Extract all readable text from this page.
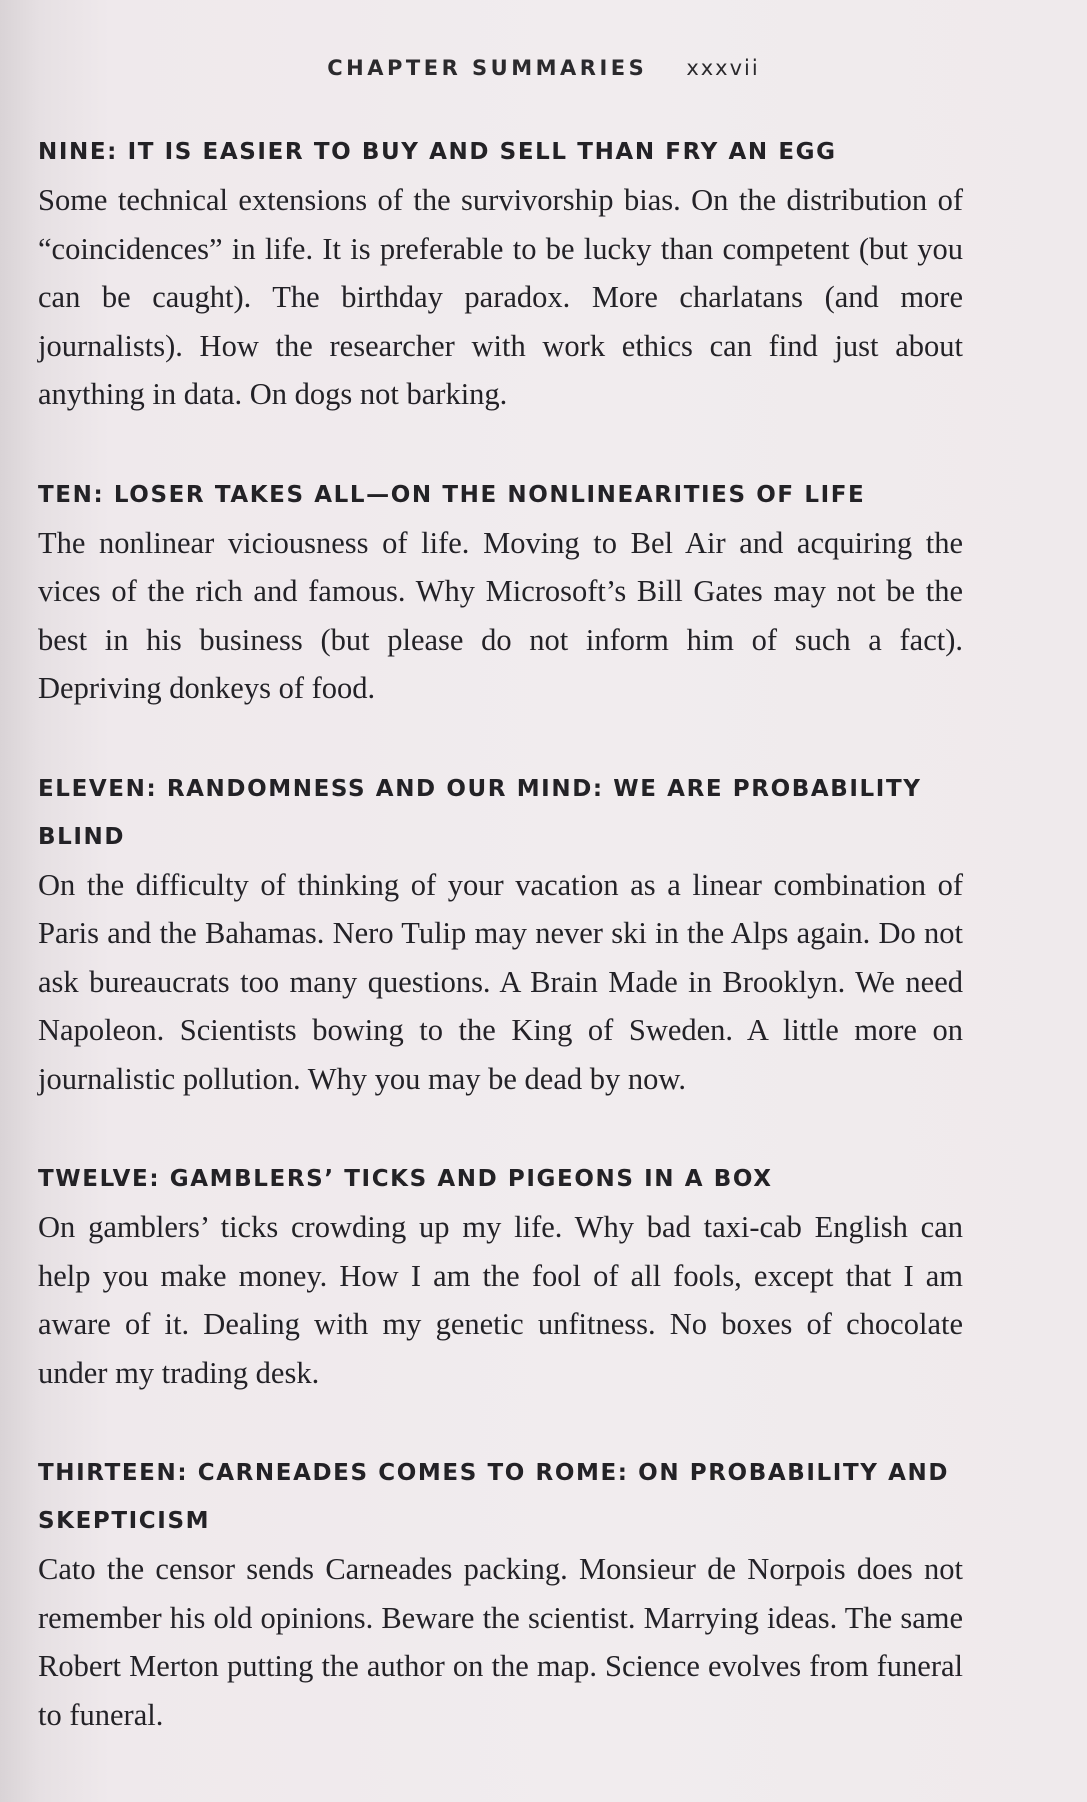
CHAPTER SUMMARIES xxxvii

NINE: IT IS EASIER TO BUY AND SELL THAN FRY AN EGG

Some technical extensions of the survivorship bias. On the distribution of “coincidences” in life. It is preferable to be lucky than competent (but you can be caught). The birthday paradox. More charlatans (and more journalists). How the researcher with work ethics can find just about anything in data. On dogs not barking.

TEN: LOSER TAKES ALL—ON THE NONLINEARITIES OF LIFE

The nonlinear viciousness of life. Moving to Bel Air and acquiring the vices of the rich and famous. Why Microsoft’s Bill Gates may not be the best in his business (but please do not inform him of such a fact). Depriving donkeys of food.

ELEVEN: RANDOMNESS AND OUR MIND: WE ARE PROBABILITY BLIND

On the difficulty of thinking of your vacation as a linear combination of Paris and the Bahamas. Nero Tulip may never ski in the Alps again. Do not ask bureaucrats too many questions. A Brain Made in Brooklyn. We need Napoleon. Scientists bowing to the King of Sweden. A little more on journalistic pollution. Why you may be dead by now.

TWELVE: GAMBLERS’ TICKS AND PIGEONS IN A BOX

On gamblers’ ticks crowding up my life. Why bad taxi-cab English can help you make money. How I am the fool of all fools, except that I am aware of it. Dealing with my genetic unfitness. No boxes of chocolate under my trading desk.

THIRTEEN: CARNEADES COMES TO ROME: ON PROBABILITY AND SKEPTICISM

Cato the censor sends Carneades packing. Monsieur de Norpois does not remember his old opinions. Beware the scientist. Marrying ideas. The same Robert Merton putting the author on the map. Science evolves from funeral to funeral.
